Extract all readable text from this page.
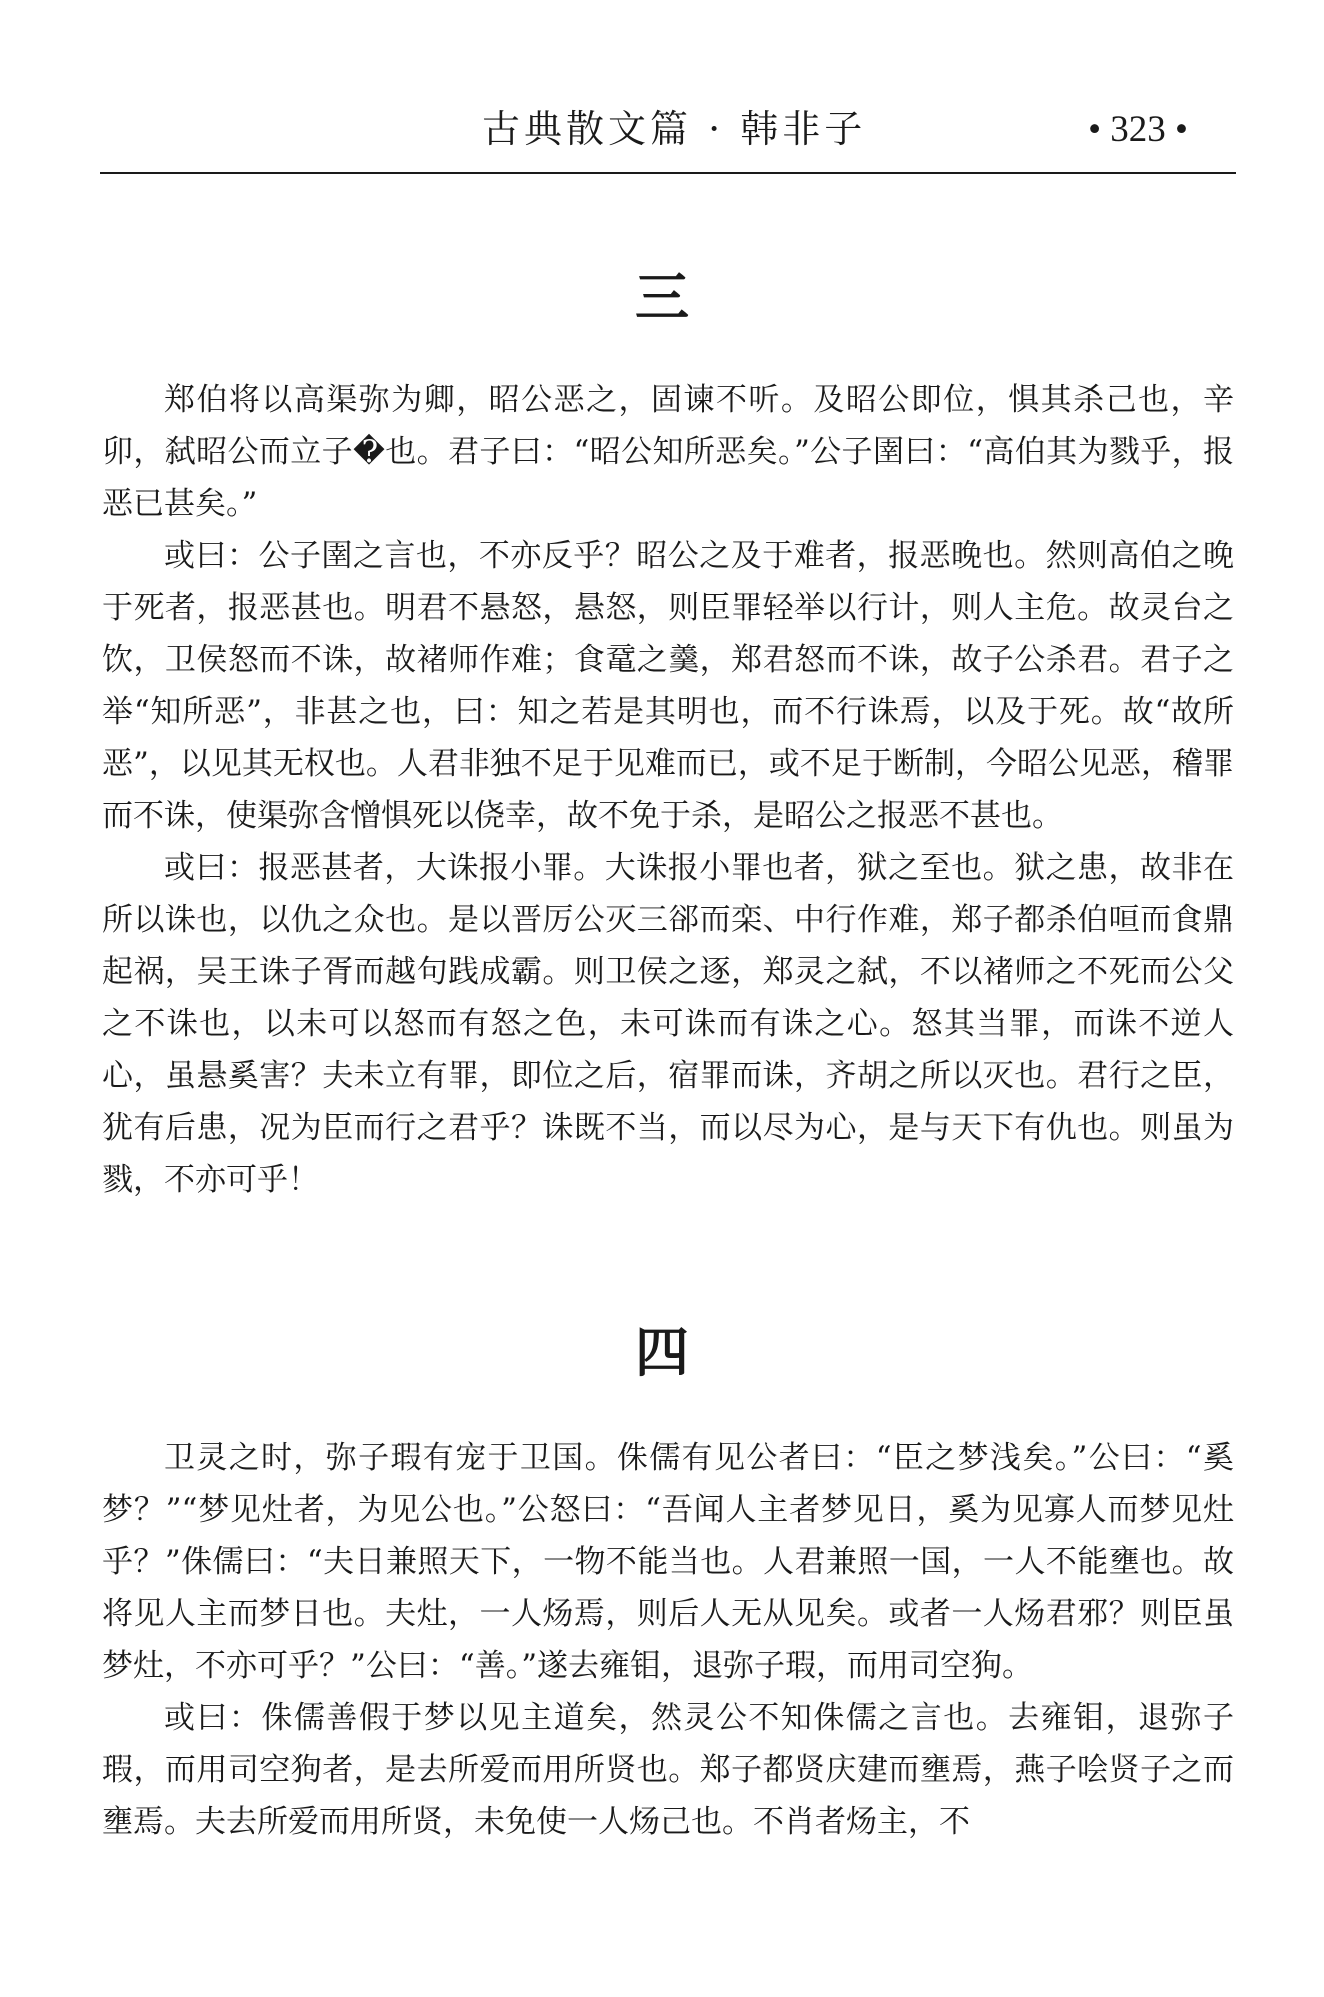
古典散文篇 · 韩非子	• 323 •
三

郑伯将以高渠弥为卿，昭公恶之，固谏不听。及昭公即位，惧其杀己也，辛卯，弑昭公而立子�也。君子曰：“昭公知所恶矣。”公子圉曰：“高伯其为戮乎，报恶已甚矣。”

或曰：公子圉之言也，不亦反乎？昭公之及于难者，报恶晚也。然则高伯之晚于死者，报恶甚也。明君不悬怒，悬怒，则臣罪轻举以行计，则人主危。故灵台之饮，卫侯怒而不诛，故褚师作难；食鼋之羹，郑君怒而不诛，故子公杀君。君子之举“知所恶”，非甚之也，曰：知之若是其明也，而不行诛焉，以及于死。故“故所恶”，以见其无权也。人君非独不足于见难而已，或不足于断制，今昭公见恶，稽罪而不诛，使渠弥含憎惧死以侥幸，故不免于杀，是昭公之报恶不甚也。

或曰：报恶甚者，大诛报小罪。大诛报小罪也者，狱之至也。狱之患，故非在所以诛也，以仇之众也。是以晋厉公灭三郤而栾、中行作难，郑子都杀伯咺而食鼎起祸，吴王诛子胥而越句践成霸。则卫侯之逐，郑灵之弑，不以褚师之不死而公父之不诛也，以未可以怒而有怒之色，未可诛而有诛之心。怒其当罪，而诛不逆人心，虽悬奚害？夫未立有罪，即位之后，宿罪而诛，齐胡之所以灭也。君行之臣，犹有后患，况为臣而行之君乎？诛既不当，而以尽为心，是与天下有仇也。则虽为戮，不亦可乎！

四

卫灵之时，弥子瑕有宠于卫国。侏儒有见公者曰：“臣之梦浅矣。”公曰：“奚梦？”“梦见灶者，为见公也。”公怒曰：“吾闻人主者梦见日，奚为见寡人而梦见灶乎？”侏儒曰：“夫日兼照天下，一物不能当也。人君兼照一国，一人不能壅也。故将见人主而梦日也。夫灶，一人炀焉，则后人无从见矣。或者一人炀君邪？则臣虽梦灶，不亦可乎？”公曰：“善。”遂去雍钼，退弥子瑕，而用司空狗。

或曰：侏儒善假于梦以见主道矣，然灵公不知侏儒之言也。去雍钼，退弥子瑕，而用司空狗者，是去所爱而用所贤也。郑子都贤庆建而壅焉，燕子哙贤子之而壅焉。夫去所爱而用所贤，未免使一人炀己也。不肖者炀主，不
